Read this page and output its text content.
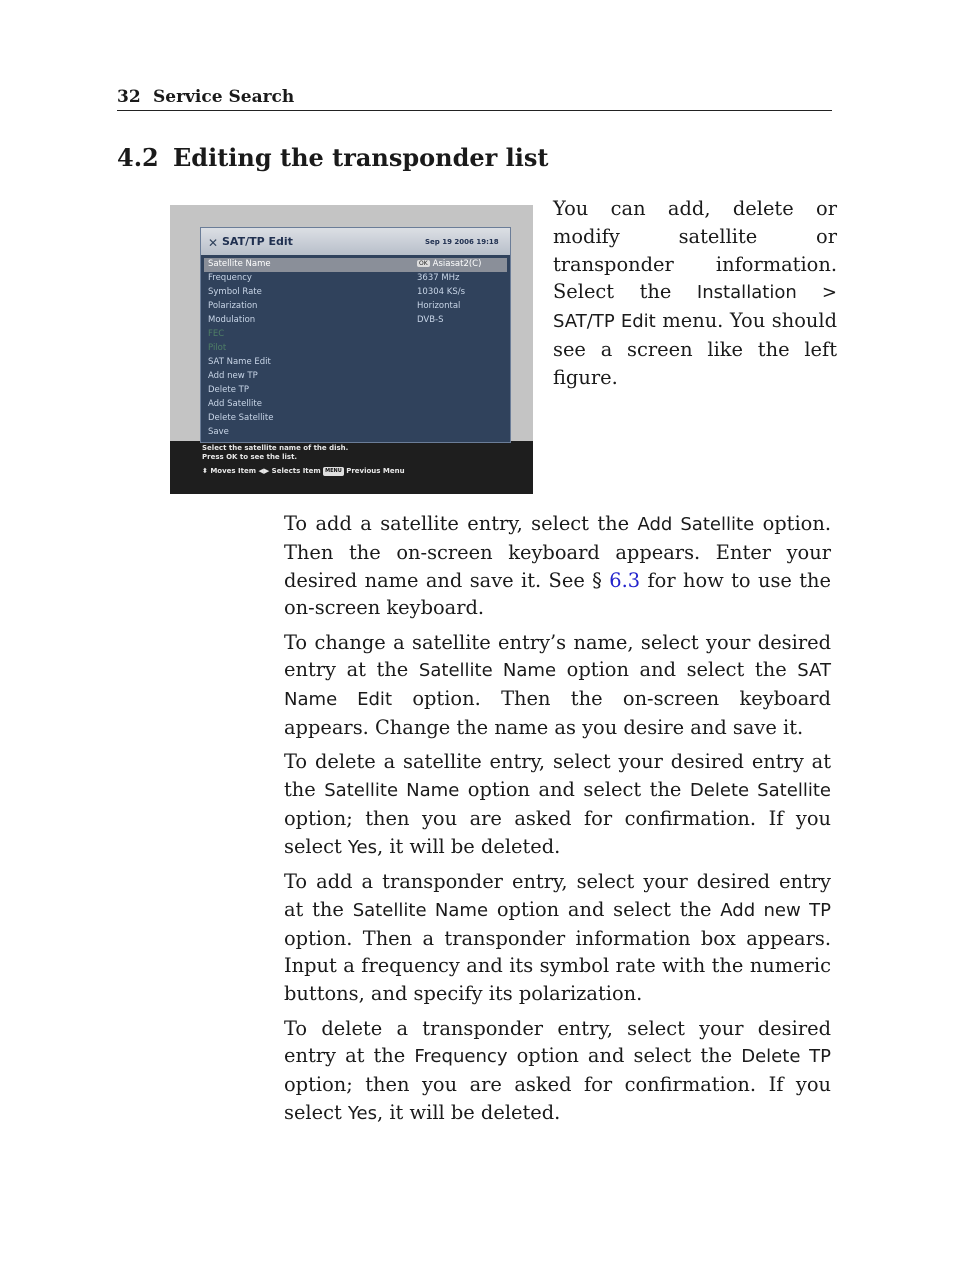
32 Service Search
4.2 Editing the transponder list
✕ SAT/TP Edit	Sep 19 2006 19:18
Satellite Name	OK Asiasat2(C)
Frequency	3637 MHz
Symbol Rate	10304 KS/s
Polarization	Horizontal
Modulation	DVB-S
FEC
Pilot
SAT Name Edit
Add new TP
Delete TP
Add Satellite
Delete Satellite
Save
Select the satellite name of the dish.
Press OK to see the list.
⬍ Moves Item ◀▶ Selects Item MENU Previous Menu

You can add, delete or modify satellite or transponder information. Select the Installation > SAT/TP Edit menu. You should see a screen like the left figure.

To add a satellite entry, select the Add Satellite option. Then the on-screen keyboard appears. Enter your desired name and save it. See § 6.3 for how to use the on-screen keyboard.

To change a satellite entry’s name, select your desired entry at the Satellite Name option and select the SAT Name Edit option. Then the on-screen keyboard appears. Change the name as you desire and save it.

To delete a satellite entry, select your desired entry at the Satellite Name option and select the Delete Satellite option; then you are asked for confirmation. If you select Yes, it will be deleted.

To add a transponder entry, select your desired entry at the Satellite Name option and select the Add new TP option. Then a transponder information box appears. Input a frequency and its symbol rate with the numeric buttons, and specify its polarization.

To delete a transponder entry, select your desired entry at the Frequency option and select the Delete TP option; then you are asked for confirmation. If you select Yes, it will be deleted.
